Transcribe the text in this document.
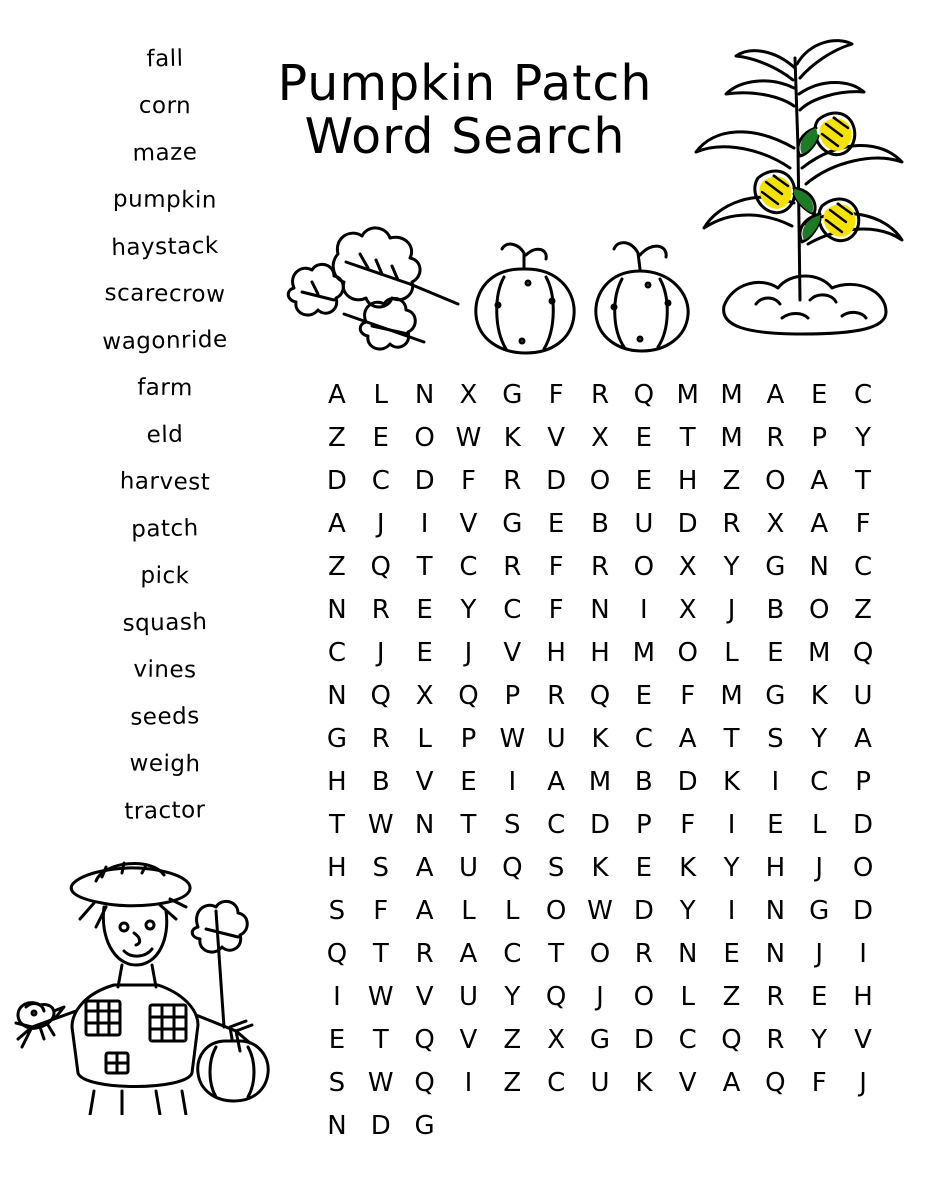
Pumpkin Patch
Word Search
fall
corn
maze
pumpkin
haystack
scarecrow
wagonride
farm
eld
harvest
patch
pick
squash
vines
seeds
weigh
tractor
A	L	N X G	F	R Q M M A	E	C
Z	E O W K	V	X	E	T M R	P	Y
D C D	F	R D O E H Z O A	T
A	J	I	V G E	B U D R X	A	F
Z Q T	C R	F	R O X	Y G N C
N R	E	Y	C	F	N	I	X	J	B O Z
C	J	E	J	V H H M O	L	E M Q
N Q X Q P	R Q E	F M G K U
G R	L	P W U K	C A	T	S	Y	A
H B	V	E	I	A M B D K	I	C	P
T W N	T	S	C D	P	F	I	E	L	D
H S	A U Q S	K	E	K	Y	H	J	O
S	F	A	L	L	O W D Y	I	N G D
Q T	R A C	T O R N E N	J	I
I	W V U	Y Q	J	O	L	Z R	E H
E	T Q V	Z	X G D C Q R	Y	V
S W Q	I	Z C U K	V	A Q	F	J
N D G
